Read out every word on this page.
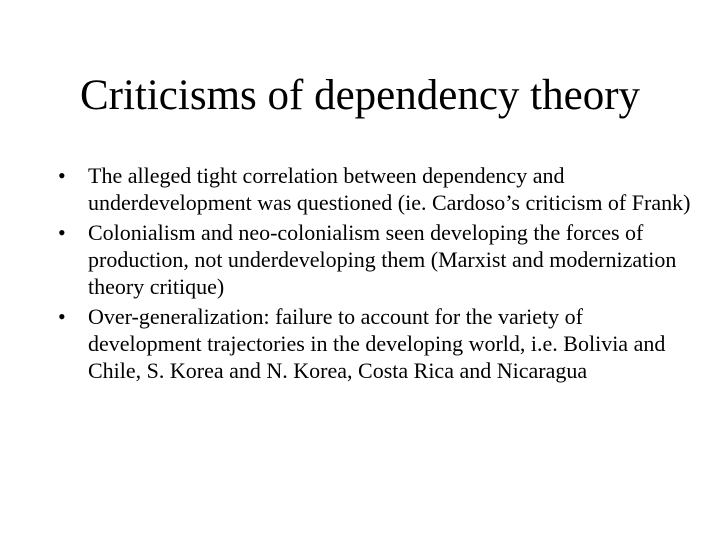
Criticisms of dependency theory
•	The alleged tight correlation between dependency and underdevelopment was questioned (ie. Cardoso’s criticism of Frank)
•	Colonialism and neo-colonialism seen developing the forces of production, not underdeveloping them (Marxist and modernization theory critique)
•	Over-generalization: failure to account for the variety of development trajectories in the developing world, i.e. Bolivia and Chile, S. Korea and N. Korea, Costa Rica and Nicaragua
